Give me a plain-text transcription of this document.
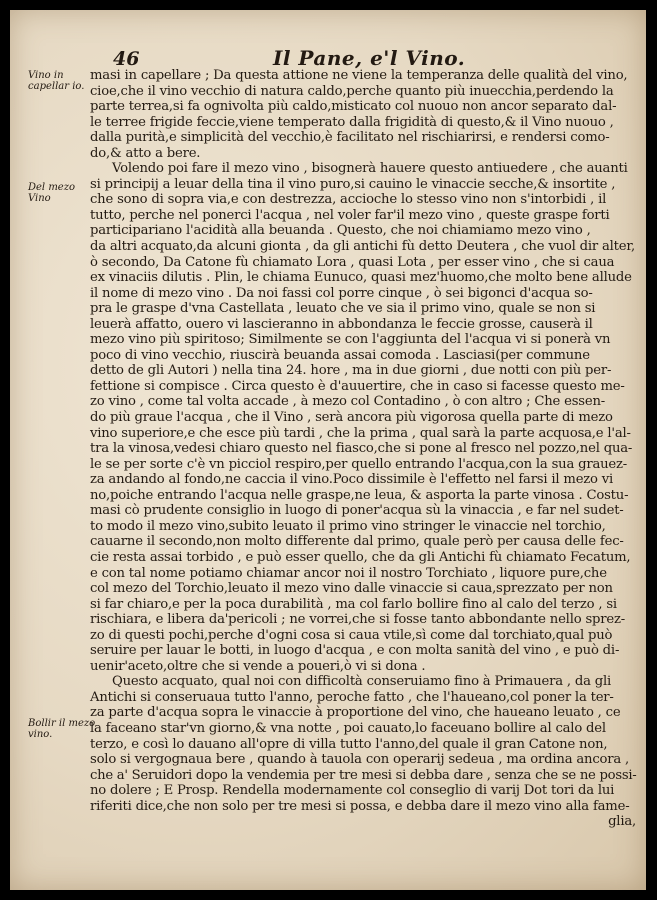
46	Il Pane, e'l Vino.
Vino in capellar io.
Del mezo Vino
Bollir il mezo vino.
masi in capellare ; Da questa attione ne viene la temperanza delle qualità del vino,
cioe,che il vino vecchio di natura caldo,perche quanto più inuecchia,perdendo la
parte terrea,si fa ognivolta più caldo,misticato col nuouo non ancor separato dal-
le terree frigide feccie,viene temperato dalla frigidità di questo,& il Vino nuouo ,
dalla purità,e simplicità del vecchio,è facilitato nel rischiarirsi, e rendersi como-
do,& atto a bere.
Volendo poi fare il mezo vino , bisognerà hauere questo antiuedere , che auanti
si principij a leuar della tina il vino puro,si cauino le vinaccie secche,& insortite ,
che sono di sopra via,e con destrezza, accioche lo stesso vino non s'intorbidi , il
tutto, perche nel ponerci l'acqua , nel voler far'il mezo vino , queste graspe forti
participariano l'acidità alla beuanda . Questo, che noi chiamiamo mezo vino ,
da altri acquato,da alcuni gionta , da gli antichi fù detto Deutera , che vuol dir alter,
ò secondo, Da Catone fù chiamato Lora , quasi Lota , per esser vino , che si caua
ex vinaciis dilutis . Plin, le chiama Eunuco, quasi mez'huomo,che molto bene allude
il nome di mezo vino . Da noi fassi col porre cinque , ò sei bigonci d'acqua so-
pra le graspe d'vna Castellata , leuato che ve sia il primo vino, quale se non si
leuerà affatto, ouero vi lascieranno in abbondanza le feccie grosse, causerà il
mezo vino più spiritoso; Similmente se con l'aggiunta del l'acqua vi si ponerà vn
poco di vino vecchio, riuscirà beuanda assai comoda . Lasciasi(per commune
detto de gli Autori ) nella tina 24. hore , ma in due giorni , due notti con più per-
fettione si compisce . Circa questo è d'auuertire, che in caso si facesse questo me-
zo vino , come tal volta accade , à mezo col Contadino , ò con altro ; Che essen-
do più graue l'acqua , che il Vino , serà ancora più vigorosa quella parte di mezo
vino superiore,e che esce più tardi , che la prima , qual sarà la parte acquosa,e l'al-
tra la vinosa,vedesi chiaro questo nel fiasco,che si pone al fresco nel pozzo,nel qua-
le se per sorte c'è vn picciol respiro,per quello entrando l'acqua,con la sua grauez-
za andando al fondo,ne caccia il vino.Poco dissimile è l'effetto nel farsi il mezo vi
no,poiche entrando l'acqua nelle graspe,ne leua, & asporta la parte vinosa . Costu-
masi cò prudente consiglio in luogo di poner'acqua sù la vinaccia , e far nel sudet-
to modo il mezo vino,subito leuato il primo vino stringer le vinaccie nel torchio,
cauarne il secondo,non molto differente dal primo, quale però per causa delle fec-
cie resta assai torbido , e può esser quello, che da gli Antichi fù chiamato Fecatum,
e con tal nome potiamo chiamar ancor noi il nostro Torchiato , liquore pure,che
col mezo del Torchio,leuato il mezo vino dalle vinaccie si caua,sprezzato per non
si far chiaro,e per la poca durabilità , ma col farlo bollire fino al calo del terzo , si
rischiara, e libera da'pericoli ; ne vorrei,che si fosse tanto abbondante nello sprez-
zo di questi pochi,perche d'ogni cosa si caua vtile,sì come dal torchiato,qual può
seruire per lauar le botti, in luogo d'acqua , e con molta sanità del vino , e può di-
uenir'aceto,oltre che si vende a poueri,ò vi si dona .
Questo acquato, qual noi con difficoltà conseruiamo fino à Primauera , da gli
Antichi si conseruaua tutto l'anno, peroche fatto , che l'haueano,col poner la ter-
za parte d'acqua sopra le vinaccie à proportione del vino, che haueano leuato , ce
la faceano star'vn giorno,& vna notte , poi cauato,lo faceuano bollire al calo del
terzo, e così lo dauano all'opre di villa tutto l'anno,del quale il gran Catone non,
solo si vergognaua bere , quando à tauola con operarij sedeua , ma ordina ancora ,
che a' Seruidori dopo la vendemia per tre mesi si debba dare , senza che se ne possi-
no dolere ; E Prosp. Rendella modernamente col conseglio di varij Dot tori da lui
riferiti dice,che non solo per tre mesi si possa, e debba dare il mezo vino alla fame-
glia,
